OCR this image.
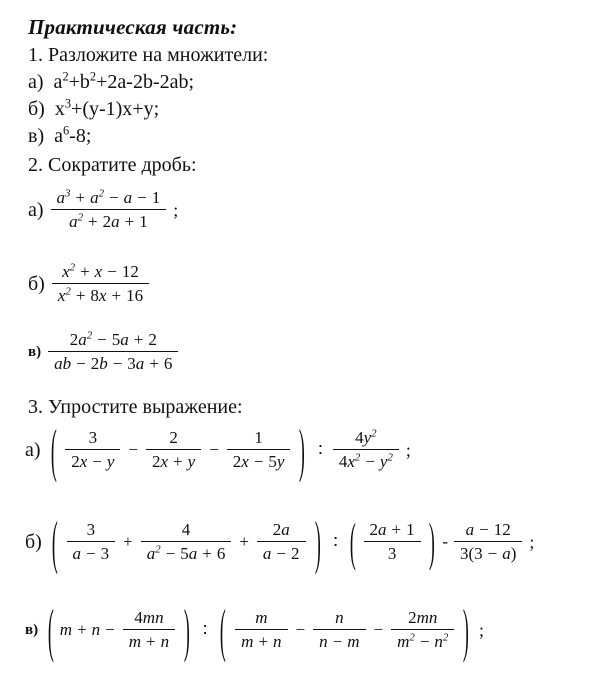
Практическая часть:
1. Разложите на множители:
а) $a^2+b^2+2a-2b-2ab$;
б) $x^3+(y-1)x+y$;
в) $a^6-8$;
2. Сократите дробь:
$а) \frac{a^3 + a^2 - a - 1}{a^2 + 2a + 1}$ ;
$б) \frac{x^2 + x - 12}{x^2 + 8x + 16}$
$в) \frac{2a^2 - 5a + 2}{ab - 2b - 3a + 6}$
3. Упростите выражение:
а) ( $\frac{3}{2x - y} - \frac{2}{2x + y} - \frac{1}{2x - 5y}$ ) ∶ $\frac{4y^2}{4x^2 - y^2}$ ;
б) ( $\frac{3}{a - 3} + \frac{4}{a^2 - 5a + 6} + \frac{2a}{a - 2}$ ) ∶ ( $\frac{2a + 1}{3}$ ) - $\frac{a - 12}{3(3 - a)}$ ;
в) ( $m + n - \frac{4mn}{m + n}$ ) ∶ ( $\frac{m}{m + n} - \frac{n}{n - m} - \frac{2mn}{m^2 - n^2}$ ) ;
